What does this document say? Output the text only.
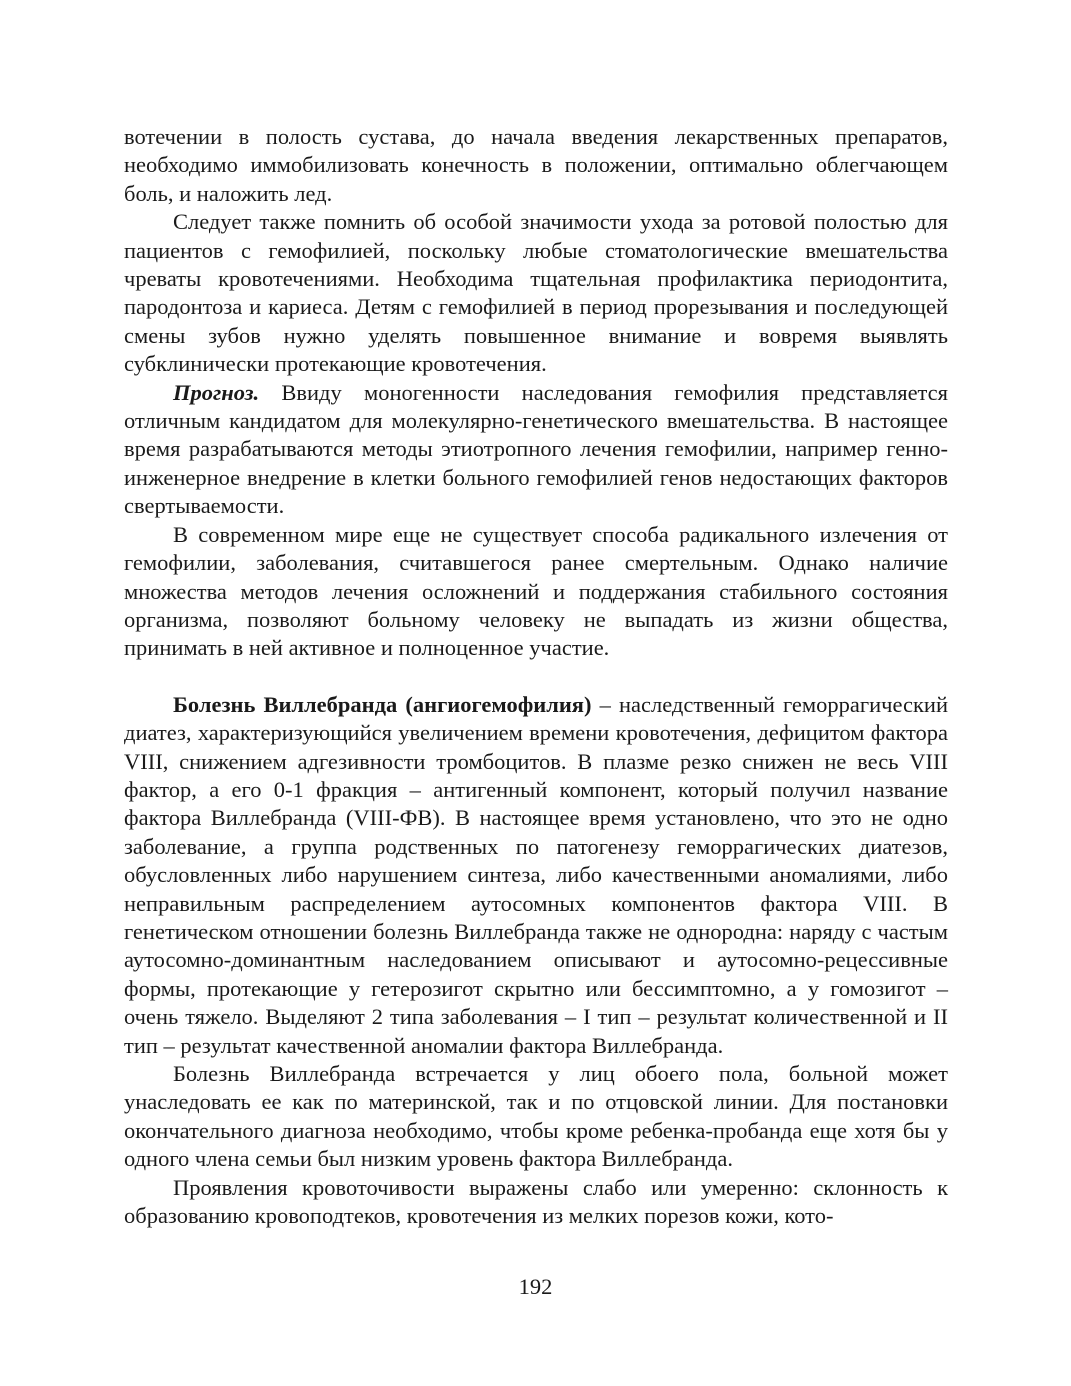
вотечении в полость сустава, до начала введения лекарственных препаратов, необходимо иммобилизовать конечность в положении, оптимально облегчающем боль, и наложить лед.

Следует также помнить об особой значимости ухода за ротовой полостью для пациентов с гемофилией, поскольку любые стоматологические вмешательства чреваты кровотечениями. Необходима тщательная профилактика периодонтита, пародонтоза и кариеса. Детям с гемофилией в период прорезывания и последующей смены зубов нужно уделять повышенное внимание и вовремя выявлять субклинически протекающие кровотечения.

Прогноз. Ввиду моногенности наследования гемофилия представляется отличным кандидатом для молекулярно-генетического вмешательства. В настоящее время разрабатываются методы этиотропного лечения гемофилии, например генно-инженерное внедрение в клетки больного гемофилией генов недостающих факторов свертываемости.

В современном мире еще не существует способа радикального излечения от гемофилии, заболевания, считавшегося ранее смертельным. Однако наличие множества методов лечения осложнений и поддержания стабильного состояния организма, позволяют больному человеку не выпадать из жизни общества, принимать в ней активное и полноценное участие.

Болезнь Виллебранда (ангиогемофилия) – наследственный геморрагический диатез, характеризующийся увеличением времени кровотечения, дефицитом фактора VIII, снижением адгезивности тромбоцитов. В плазме резко снижен не весь VIII фактор, а его 0-1 фракция – антигенный компонент, который получил название фактора Виллебранда (VIII-ФВ). В настоящее время установлено, что это не одно заболевание, а группа родственных по патогенезу геморрагических диатезов, обусловленных либо нарушением синтеза, либо качественными аномалиями, либо неправильным распределением аутосомных компонентов фактора VIII. В генетическом отношении болезнь Виллебранда также не однородна: наряду с частым аутосомно-доминантным наследованием описывают и аутосомно-рецессивные формы, протекающие у гетерозигот скрытно или бессимптомно, а у гомозигот – очень тяжело. Выделяют 2 типа заболевания – I тип – результат количественной и II тип – результат качественной аномалии фактора Виллебранда.

Болезнь Виллебранда встречается у лиц обоего пола, больной может унаследовать ее как по материнской, так и по отцовской линии. Для постановки окончательного диагноза необходимо, чтобы кроме ребенка-пробанда еще хотя бы у одного члена семьи был низким уровень фактора Виллебранда.

Проявления кровоточивости выражены слабо или умеренно: склонность к образованию кровоподтеков, кровотечения из мелких порезов кожи, кото-

192
